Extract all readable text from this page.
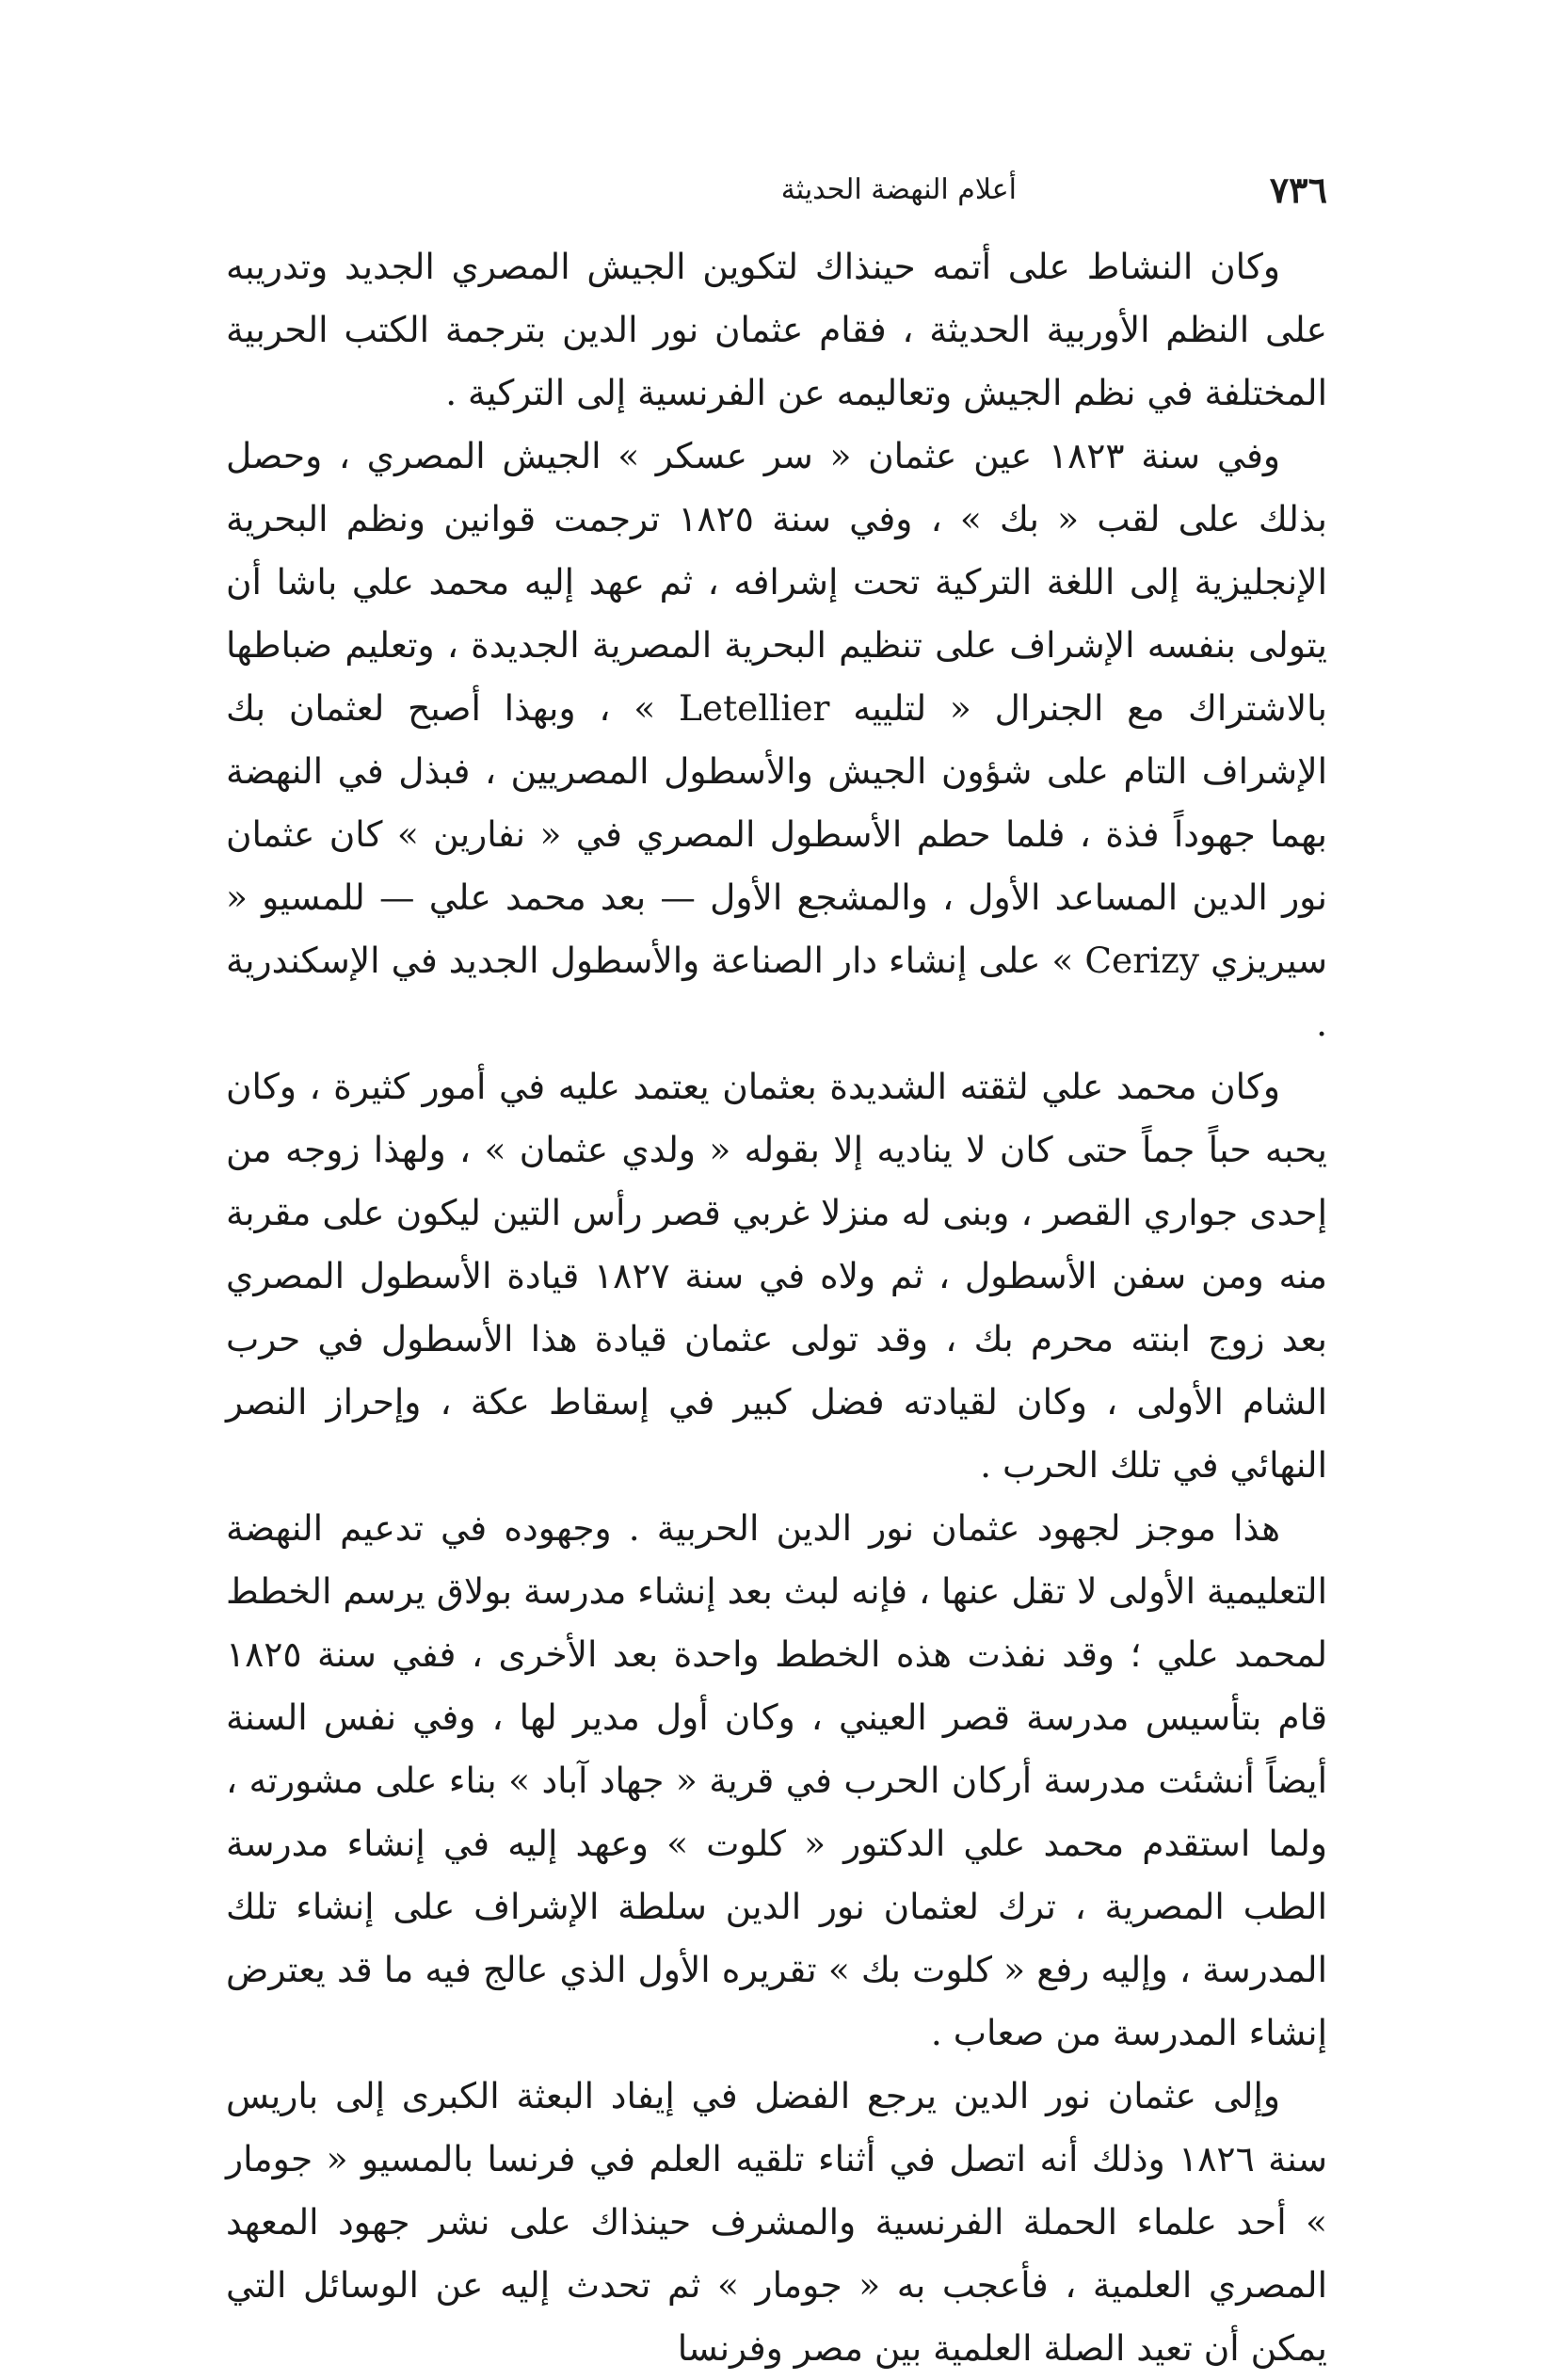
٧٣٦
أعلام النهضة الحديثة

وكان النشاط على أتمه حينذاك لتكوين الجيش المصري الجديد وتدريبه على النظم الأوربية الحديثة ، فقام عثمان نور الدين بترجمة الكتب الحربية المختلفة في نظم الجيش وتعاليمه عن الفرنسية إلى التركية .

وفي سنة ١٨٢٣ عين عثمان « سر عسكر » الجيش المصري ، وحصل بذلك على لقب « بك » ، وفي سنة ١٨٢٥ ترجمت قوانين ونظم البحرية الإنجليزية إلى اللغة التركية تحت إشرافه ، ثم عهد إليه محمد علي باشا أن يتولى بنفسه الإشراف على تنظيم البحرية المصرية الجديدة ، وتعليم ضباطها بالاشتراك مع الجنرال « لتلييه Letellier » ، وبهذا أصبح لعثمان بك الإشراف التام على شؤون الجيش والأسطول المصريين ، فبذل في النهضة بهما جهوداً فذة ، فلما حطم الأسطول المصري في « نفارين » كان عثمان نور الدين المساعد الأول ، والمشجع الأول — بعد محمد علي — للمسيو « سيريزي Cerizy » على إنشاء دار الصناعة والأسطول الجديد في الإسكندرية .

وكان محمد علي لثقته الشديدة بعثمان يعتمد عليه في أمور كثيرة ، وكان يحبه حباً جماً حتى كان لا يناديه إلا بقوله « ولدي عثمان » ، ولهذا زوجه من إحدى جواري القصر ، وبنى له منزلا غربي قصر رأس التين ليكون على مقربة منه ومن سفن الأسطول ، ثم ولاه في سنة ١٨٢٧ قيادة الأسطول المصري بعد زوج ابنته محرم بك ، وقد تولى عثمان قيادة هذا الأسطول في حرب الشام الأولى ، وكان لقيادته فضل كبير في إسقاط عكة ، وإحراز النصر النهائي في تلك الحرب .

هذا موجز لجهود عثمان نور الدين الحربية . وجهوده في تدعيم النهضة التعليمية الأولى لا تقل عنها ، فإنه لبث بعد إنشاء مدرسة بولاق يرسم الخطط لمحمد علي ؛ وقد نفذت هذه الخطط واحدة بعد الأخرى ، ففي سنة ١٨٢٥ قام بتأسيس مدرسة قصر العيني ، وكان أول مدير لها ، وفي نفس السنة أيضاً أنشئت مدرسة أركان الحرب في قرية « جهاد آباد » بناء على مشورته ، ولما استقدم محمد علي الدكتور « كلوت » وعهد إليه في إنشاء مدرسة الطب المصرية ، ترك لعثمان نور الدين سلطة الإشراف على إنشاء تلك المدرسة ، وإليه رفع « كلوت بك » تقريره الأول الذي عالج فيه ما قد يعترض إنشاء المدرسة من صعاب .

وإلى عثمان نور الدين يرجع الفضل في إيفاد البعثة الكبرى إلى باريس سنة ١٨٢٦ وذلك أنه اتصل في أثناء تلقيه العلم في فرنسا بالمسيو « جومار » أحد علماء الحملة الفرنسية والمشرف حينذاك على نشر جهود المعهد المصري العلمية ، فأعجب به « جومار » ثم تحدث إليه عن الوسائل التي يمكن أن تعيد الصلة العلمية بين مصر وفرنسا
